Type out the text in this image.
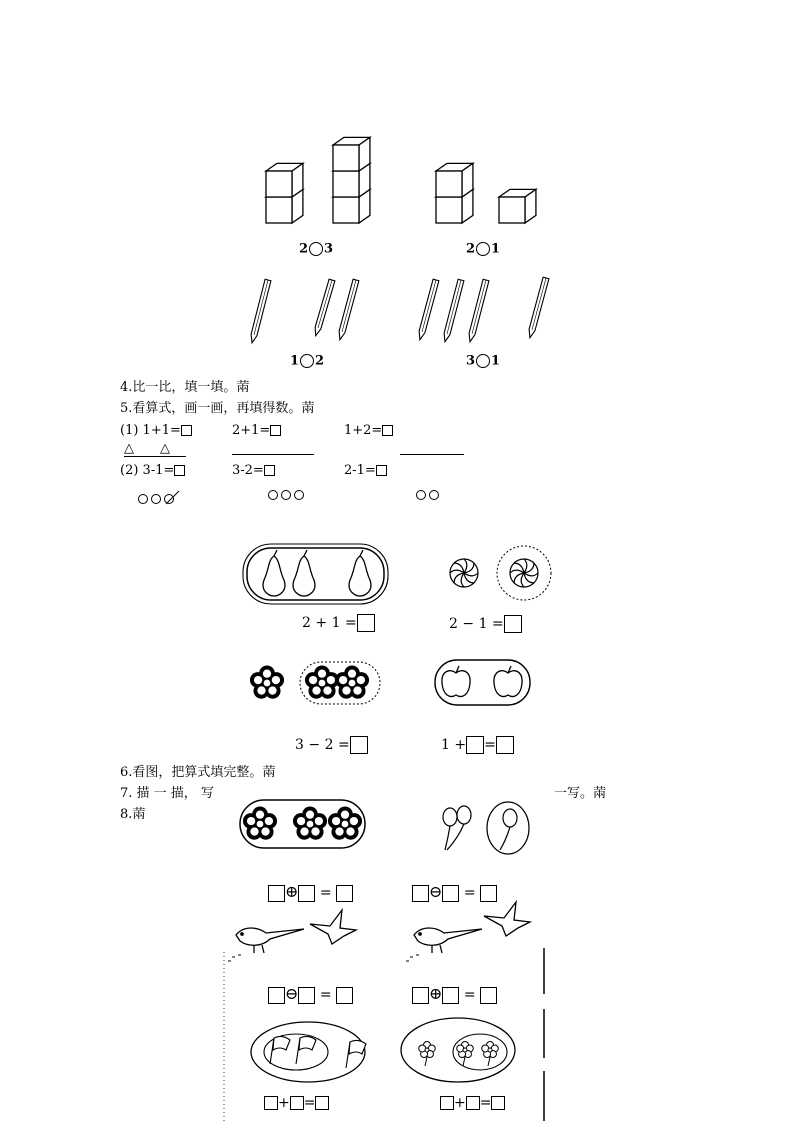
2 3	2 1
1 2	3 1
4.比一比，填一填。䓣
5.看算式，画一画，再填得数。䓣
(1) 1+1=	2+1=	1+2=
△　　△
(2) 3-1=	3-2=	2-1=
2 + 1 =	2 − 1 =
3 − 2 =	1 + =
6.看图，把算式填完整。䓣
7. 描 一 描， 写	一写。䓣
8.䓣
⊕ =	⊖ =
⊖ =	⊕ =
+ =	+ =
